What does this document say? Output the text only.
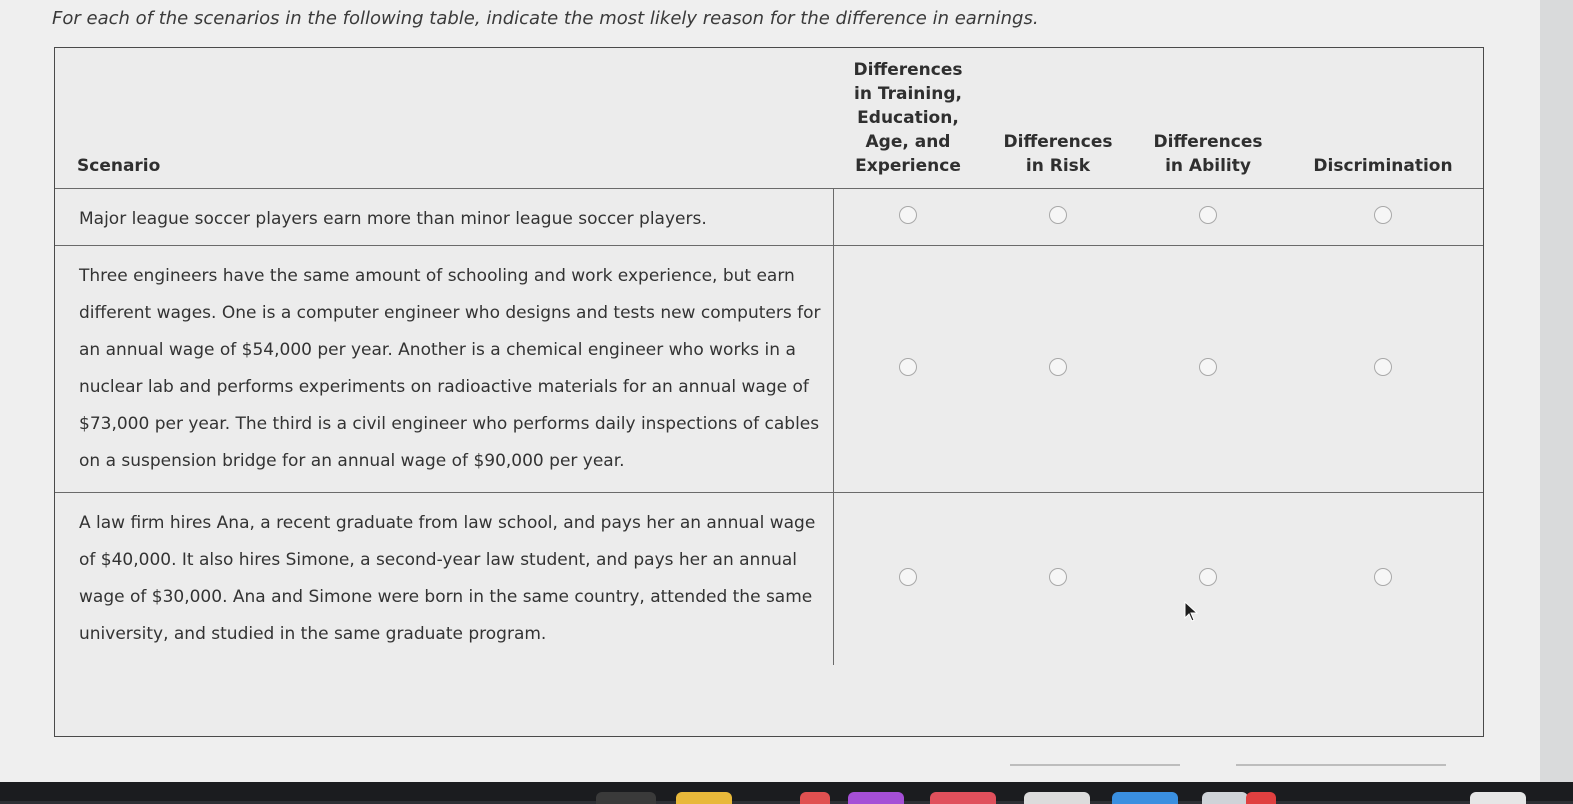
For each of the scenarios in the following table, indicate the most likely reason for the difference in earnings.

Scenario	Differences in Training, Education, Age, and Experience	Differences in Risk	Differences in Ability	Discrimination
Major league soccer players earn more than minor league soccer players.				
Three engineers have the same amount of schooling and work experience, but earn different wages. One is a computer engineer who designs and tests new computers for an annual wage of $54,000 per year. Another is a chemical engineer who works in a nuclear lab and performs experiments on radioactive materials for an annual wage of $73,000 per year. The third is a civil engineer who performs daily inspections of cables on a suspension bridge for an annual wage of $90,000 per year.				
A law firm hires Ana, a recent graduate from law school, and pays her an annual wage of $40,000. It also hires Simone, a second-year law student, and pays her an annual wage of $30,000. Ana and Simone were born in the same country, attended the same university, and studied in the same graduate program.				
